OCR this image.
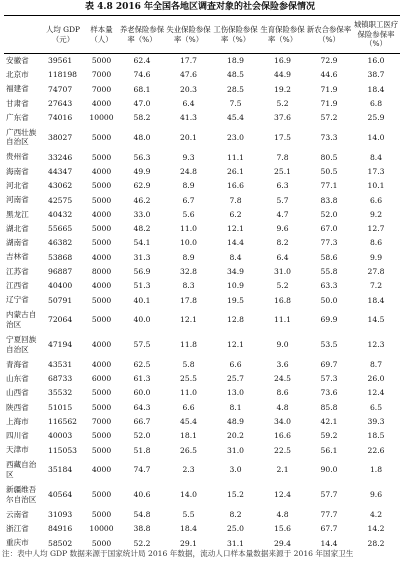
表 4.8 2016 年全国各地区调查对象的社会保险参保情况
	人均 GDP（元）	样本量（人）	养老保险参保率（%）	失业保险参保率（%）	工伤保险参保率（%）	生育保险参保率（%）	新农合参保率（%）	城镇职工医疗保险参保率（%）
安徽省	39561	5000	62.4	17.7	18.9	16.9	72.9	16.0
北京市	118198	7000	74.6	47.6	48.5	44.9	44.6	38.7
福建省	74707	7000	68.1	20.3	28.5	19.2	71.9	18.4
甘肃省	27643	4000	47.0	6.4	7.5	5.2	71.9	6.8
广东省	74016	10000	58.2	41.3	45.4	37.6	57.2	25.9
广西壮族自治区	38027	5000	48.0	20.1	23.0	17.5	73.3	14.0
贵州省	33246	5000	56.3	9.3	11.1	7.8	80.5	8.4
海南省	44347	4000	49.9	24.8	26.1	25.1	50.5	17.3
河北省	43062	5000	62.9	8.9	16.6	6.3	77.1	10.1
河南省	42575	5000	46.2	6.7	7.8	5.7	83.8	6.6
黑龙江	40432	4000	33.0	5.6	6.2	4.7	52.0	9.2
湖北省	55665	5000	48.2	11.0	12.1	9.6	67.0	12.7
湖南省	46382	5000	54.1	10.0	14.4	8.2	77.3	8.6
吉林省	53868	4000	31.3	8.9	8.4	6.4	58.6	9.9
江苏省	96887	8000	56.9	32.8	34.9	31.0	55.8	27.8
江西省	40400	4000	51.3	8.3	10.9	5.2	63.3	7.2
辽宁省	50791	5000	40.1	17.8	19.5	16.8	50.0	18.4
内蒙古自治区	72064	5000	40.0	12.1	12.8	11.1	69.9	14.5
宁夏回族自治区	47194	4000	57.5	11.8	12.1	9.0	53.5	12.3
青海省	43531	4000	62.5	5.8	6.6	3.6	69.7	8.7
山东省	68733	6000	61.3	25.5	25.7	24.5	57.3	26.0
山西省	35532	5000	60.0	11.0	13.0	8.6	73.6	12.4
陕西省	51015	5000	64.3	6.6	8.1	4.8	85.8	6.5
上海市	116562	7000	66.7	45.4	48.9	34.0	42.1	39.3
四川省	40003	5000	52.0	18.1	20.2	16.6	59.2	18.5
天津市	115053	5000	51.8	26.5	31.0	22.5	56.1	22.6
西藏自治区	35184	4000	74.7	2.3	3.0	2.1	90.0	1.8
新疆维吾尔自治区	40564	5000	40.6	14.0	15.2	12.4	57.7	9.6
云南省	31093	5000	54.8	5.5	8.2	4.8	77.7	4.2
浙江省	84916	10000	38.8	18.4	25.0	15.6	67.7	14.2
重庆市	58502	5000	52.2	29.1	31.1	29.4	14.4	28.2
注：表中人均 GDP 数据来源于国家统计局 2016 年数据，流动人口样本量数据来源于 2016 年国家卫生
